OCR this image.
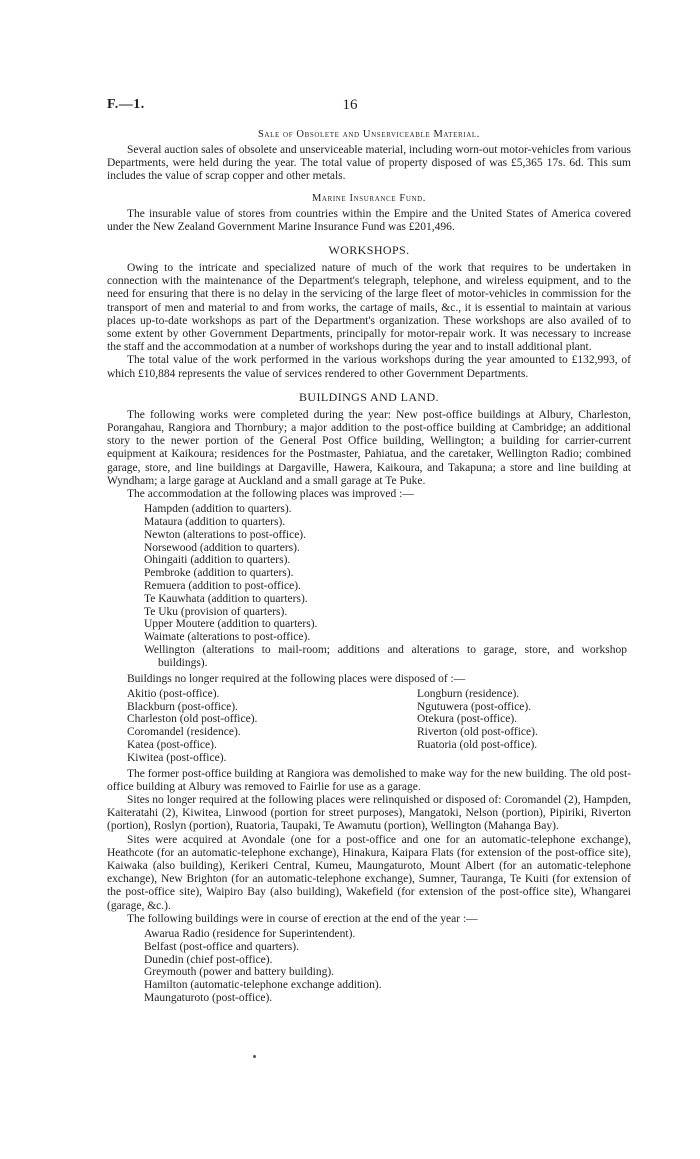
F.—1.	16

Sale of Obsolete and Unserviceable Material.

Several auction sales of obsolete and unserviceable material, including worn-out motor-vehicles from various Departments, were held during the year. The total value of property disposed of was £5,365 17s. 6d. This sum includes the value of scrap copper and other metals.

Marine Insurance Fund.

The insurable value of stores from countries within the Empire and the United States of America covered under the New Zealand Government Marine Insurance Fund was £201,496.

WORKSHOPS.

Owing to the intricate and specialized nature of much of the work that requires to be undertaken in connection with the maintenance of the Department's telegraph, telephone, and wireless equipment, and to the need for ensuring that there is no delay in the servicing of the large fleet of motor-vehicles in commission for the transport of men and material to and from works, the cartage of mails, &c., it is essential to maintain at various places up-to-date workshops as part of the Department's organization. These workshops are also availed of to some extent by other Government Departments, principally for motor-repair work. It was necessary to increase the staff and the accommodation at a number of workshops during the year and to install additional plant.

The total value of the work performed in the various workshops during the year amounted to £132,993, of which £10,884 represents the value of services rendered to other Government Departments.

BUILDINGS AND LAND.

The following works were completed during the year: New post-office buildings at Albury, Charleston, Porangahau, Rangiora and Thornbury; a major addition to the post-office building at Cambridge; an additional story to the newer portion of the General Post Office building, Wellington; a building for carrier-current equipment at Kaikoura; residences for the Postmaster, Pahiatua, and the caretaker, Wellington Radio; combined garage, store, and line buildings at Dargaville, Hawera, Kaikoura, and Takapuna; a store and line building at Wyndham; a large garage at Auckland and a small garage at Te Puke.

The accommodation at the following places was improved :—

Hampden (addition to quarters).
Mataura (addition to quarters).
Newton (alterations to post-office).
Norsewood (addition to quarters).
Ohingaiti (addition to quarters).
Pembroke (addition to quarters).
Remuera (addition to post-office).
Te Kauwhata (addition to quarters).
Te Uku (provision of quarters).
Upper Moutere (addition to quarters).
Waimate (alterations to post-office).
Wellington (alterations to mail-room; additions and alterations to garage, store, and workshop buildings).

Buildings no longer required at the following places were disposed of :—

Akitio (post-office).
Blackburn (post-office).
Charleston (old post-office).
Coromandel (residence).
Katea (post-office).
Kiwitea (post-office).
Longburn (residence).
Ngutuwera (post-office).
Otekura (post-office).
Riverton (old post-office).
Ruatoria (old post-office).

The former post-office building at Rangiora was demolished to make way for the new building. The old post-office building at Albury was removed to Fairlie for use as a garage.

Sites no longer required at the following places were relinquished or disposed of: Coromandel (2), Hampden, Kaiteratahi (2), Kiwitea, Linwood (portion for street purposes), Mangatoki, Nelson (portion), Pipiriki, Riverton (portion), Roslyn (portion), Ruatoria, Taupaki, Te Awamutu (portion), Wellington (Mahanga Bay).

Sites were acquired at Avondale (one for a post-office and one for an automatic-telephone exchange), Heathcote (for an automatic-telephone exchange), Hinakura, Kaipara Flats (for extension of the post-office site), Kaiwaka (also building), Kerikeri Central, Kumeu, Maungaturoto, Mount Albert (for an automatic-telephone exchange), New Brighton (for an automatic-telephone exchange), Sumner, Tauranga, Te Kuiti (for extension of the post-office site), Waipiro Bay (also building), Wakefield (for extension of the post-office site), Whangarei (garage, &c.).

The following buildings were in course of erection at the end of the year :—

Awarua Radio (residence for Superintendent).
Belfast (post-office and quarters).
Dunedin (chief post-office).
Greymouth (power and battery building).
Hamilton (automatic-telephone exchange addition).
Maungaturoto (post-office).
